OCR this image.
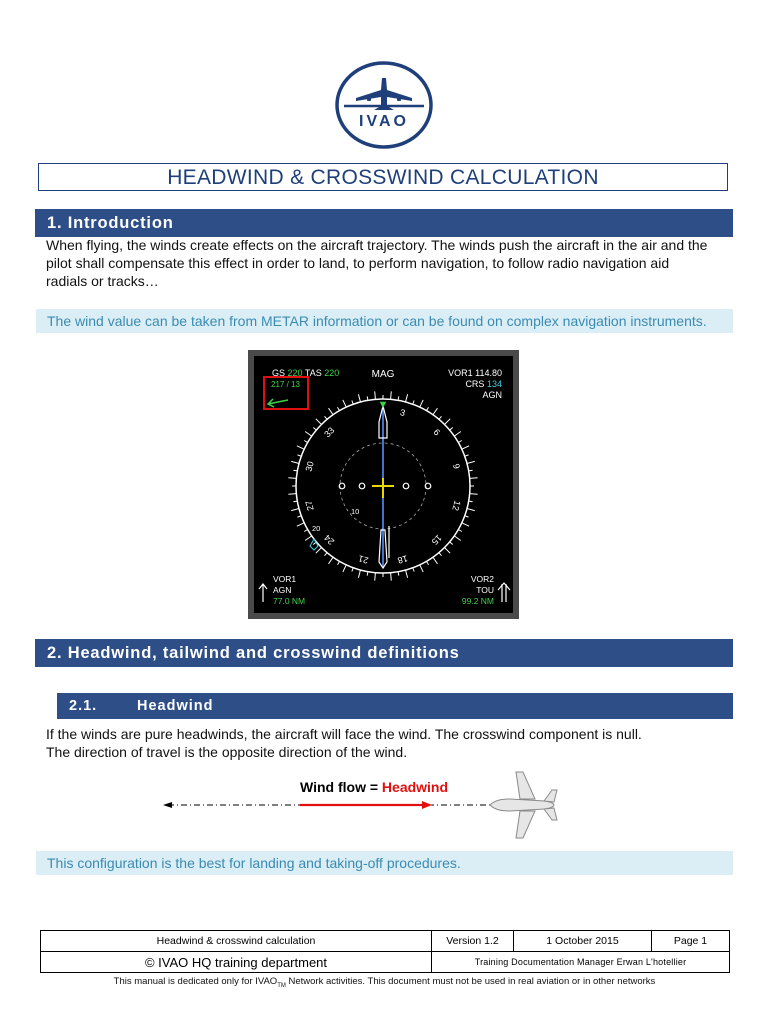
IVAO
HEADWIND & CROSSWIND CALCULATION
1. Introduction
When flying, the winds create effects on the aircraft trajectory. The winds push the aircraft in the air and the
pilot shall compensate this effect in order to land, to perform navigation, to follow radio navigation aid
radials or tracks…
The wind value can be taken from METAR information or can be found on complex navigation instruments.
GS 220 TAS 220	MAG	VOR1 114.80
CRS 134
AGN
217 / 13
3
6
9
12
15
18
21
24
27
30
33
10
20
▼
VOR1
AGN
77.0 NM
VOR2
TOU
99.2 NM
2. Headwind, tailwind and crosswind definitions
2.1.	Headwind
If the winds are pure headwinds, the aircraft will face the wind. The crosswind component is null.
The direction of travel is the opposite direction of the wind.
Wind flow = Headwind
This configuration is the best for landing and taking-off procedures.
Headwind & crosswind calculation	Version 1.2	1 October 2015	Page 1
© IVAO HQ training department	Training Documentation Manager Erwan L'hotellier		
This manual is dedicated only for $IVAO_{TM}$ Network activities. This document must not be used in real aviation or in other networks
